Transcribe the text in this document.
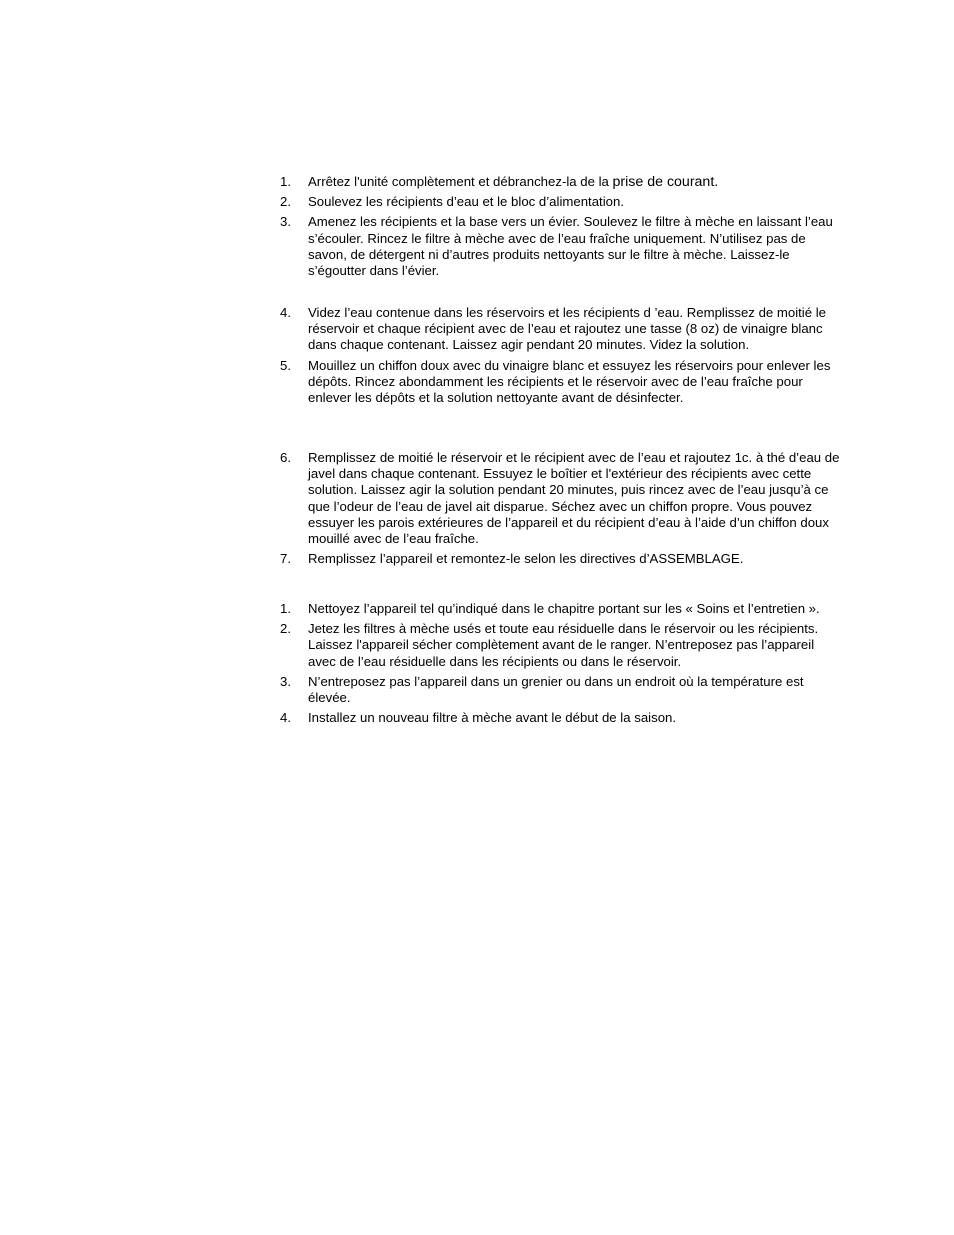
1.	Arrêtez l'unité complètement et débranchez-la de la prise de courant.
2.	Soulevez les récipients d’eau et le bloc d’alimentation.
3.	Amenez les récipients et la base vers un évier. Soulevez le filtre à mèche en laissant l’eau s’écouler. Rincez le filtre à mèche avec de l’eau fraîche uniquement. N’utilisez pas de savon, de détergent ni d’autres produits nettoyants sur le filtre à mèche. Laissez-le s’égoutter dans l’évier.
4.	Videz l’eau contenue dans les réservoirs et les récipients d ’eau. Remplissez de moitié le réservoir et chaque récipient avec de l’eau et rajoutez une tasse (8 oz) de vinaigre blanc dans chaque contenant. Laissez agir pendant 20 minutes. Videz la solution.
5.	Mouillez un chiffon doux avec du vinaigre blanc et essuyez les réservoirs pour enlever les dépôts. Rincez abondamment les récipients et le réservoir avec de l’eau fraîche pour enlever les dépôts et la solution nettoyante avant de désinfecter.
6.	Remplissez de moitié le réservoir et le récipient avec de l’eau et rajoutez 1c. à thé d’eau de javel dans chaque contenant. Essuyez le boîtier et l'extérieur des récipients avec cette solution. Laissez agir la solution pendant 20 minutes, puis rincez avec de l’eau jusqu’à ce que l’odeur de l’eau de javel ait disparue. Séchez avec un chiffon propre. Vous pouvez essuyer les parois extérieures de l’appareil et du récipient d’eau à l’aide d’un chiffon doux mouillé avec de l’eau fraîche.
7.	Remplissez l’appareil et remontez-le selon les directives d’ASSEMBLAGE.
1.	Nettoyez l’appareil tel qu’indiqué dans le chapitre portant sur les « Soins et l’entretien ».
2.	Jetez les filtres à mèche usés et toute eau résiduelle dans le réservoir ou les récipients. Laissez l'appareil sécher complètement avant de le ranger. N’entreposez pas l’appareil avec de l’eau résiduelle dans les récipients ou dans le réservoir.
3.	N’entreposez pas l’appareil dans un grenier ou dans un endroit où la température est élevée.
4.	Installez un nouveau filtre à mèche avant le début de la saison.
